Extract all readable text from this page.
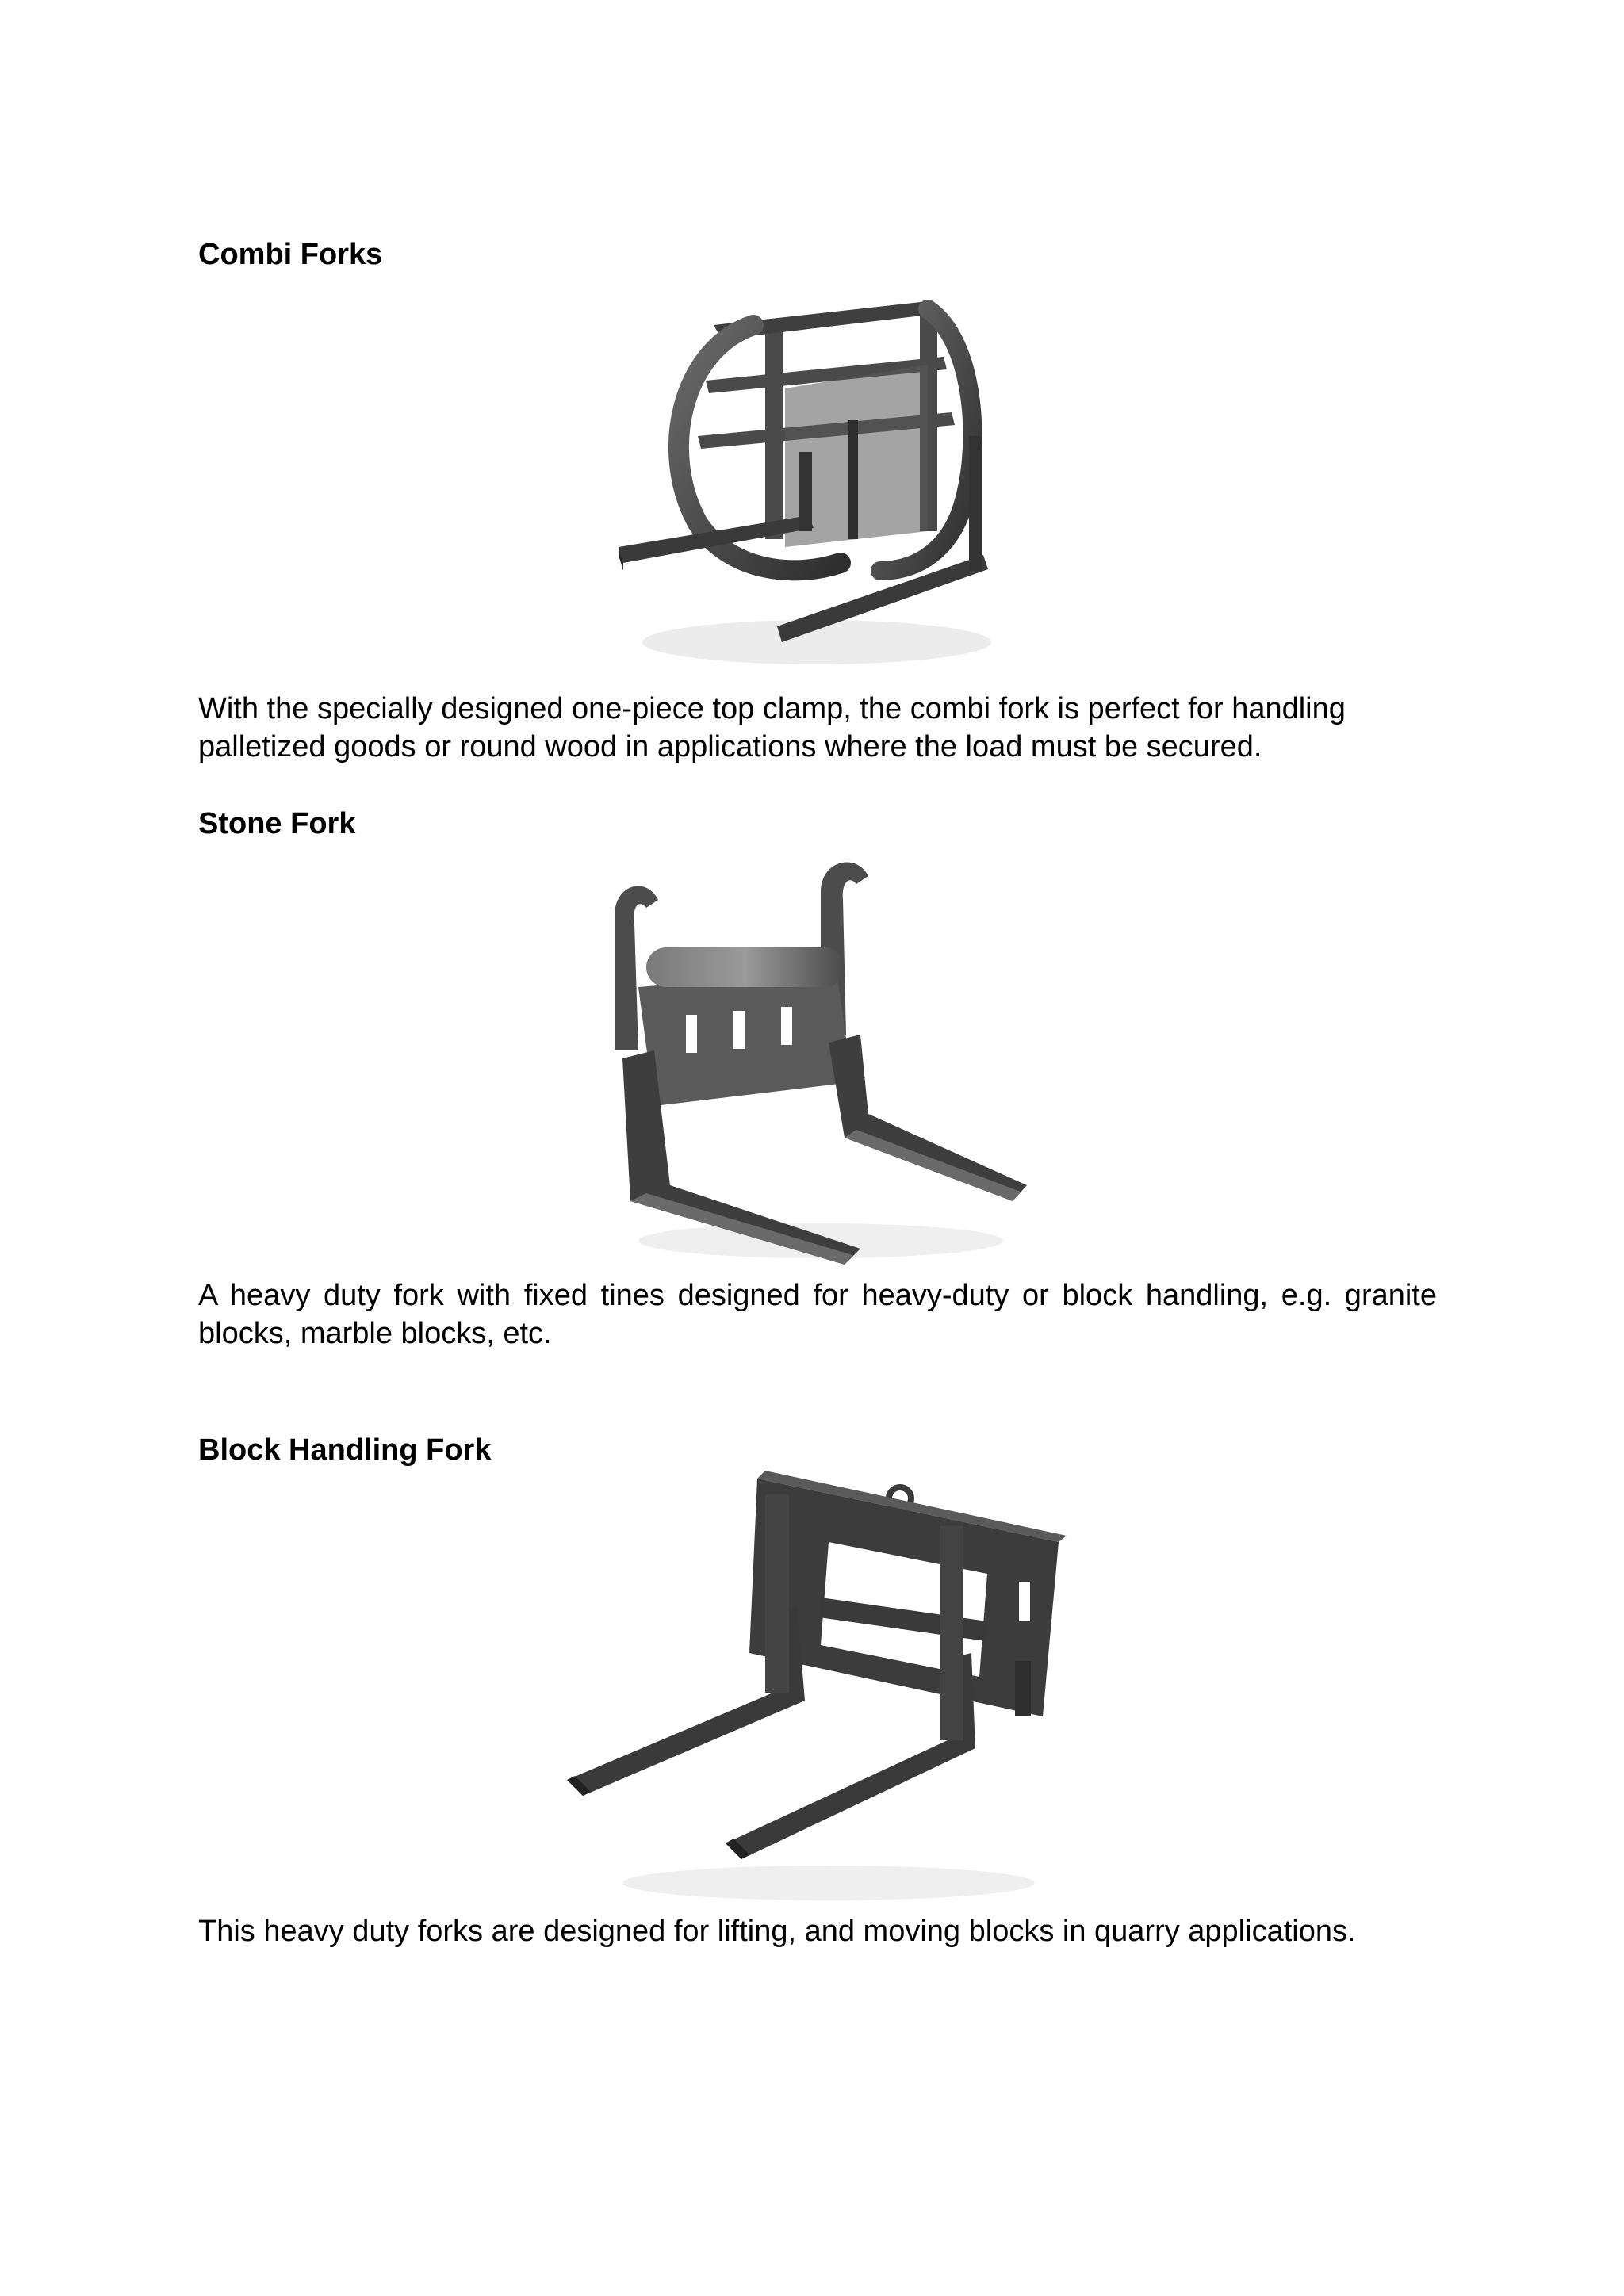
Combi Forks

With the specially designed one-piece top clamp, the combi fork is perfect for handling palletized goods or round wood in applications where the load must be secured.

Stone Fork

A heavy duty fork with fixed tines designed for heavy-duty or block handling, e.g. granite blocks, marble blocks, etc.

Block Handling Fork

This heavy duty forks are designed for lifting, and moving blocks in quarry applications.
